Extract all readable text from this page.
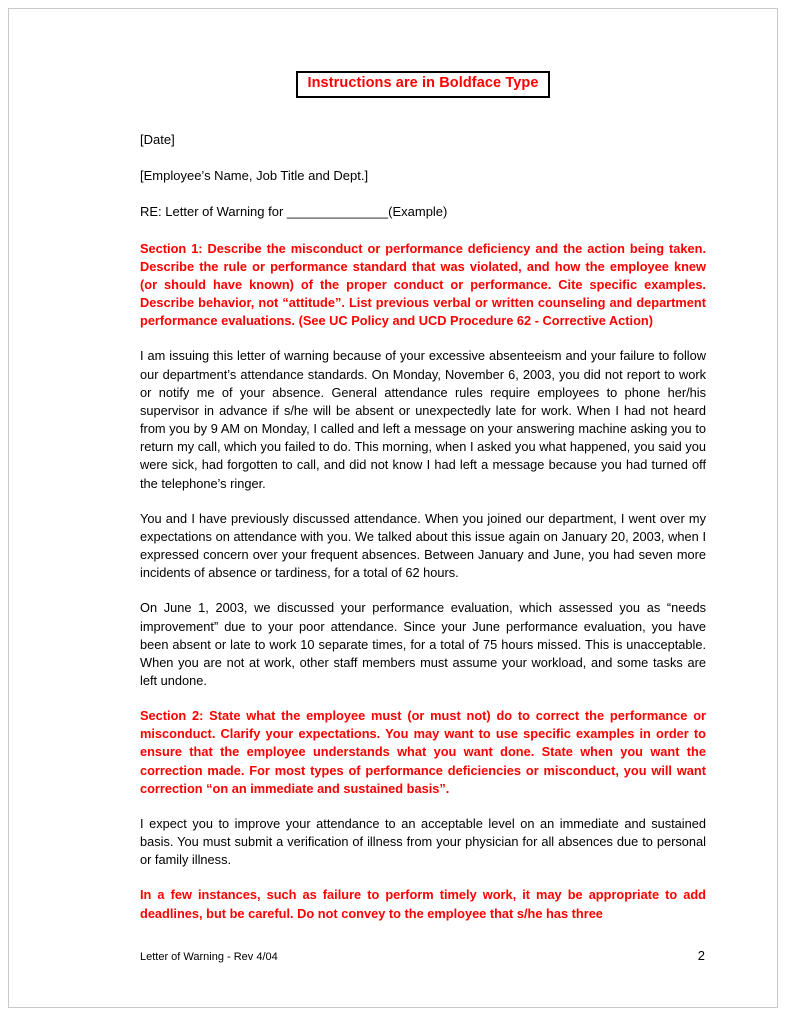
Instructions are in Boldface Type
[Date]
[Employee’s Name, Job Title and Dept.]
RE: Letter of Warning for ______________(Example)

Section 1: Describe the misconduct or performance deficiency and the action being taken. Describe the rule or performance standard that was violated, and how the employee knew (or should have known) of the proper conduct or performance. Cite specific examples. Describe behavior, not “attitude”. List previous verbal or written counseling and department performance evaluations. (See UC Policy and UCD Procedure 62 - Corrective Action)

I am issuing this letter of warning because of your excessive absenteeism and your failure to follow our department’s attendance standards. On Monday, November 6, 2003, you did not report to work or notify me of your absence. General attendance rules require employees to phone her/his supervisor in advance if s/he will be absent or unexpectedly late for work. When I had not heard from you by 9 AM on Monday, I called and left a message on your answering machine asking you to return my call, which you failed to do. This morning, when I asked you what happened, you said you were sick, had forgotten to call, and did not know I had left a message because you had turned off the telephone’s ringer.

You and I have previously discussed attendance. When you joined our department, I went over my expectations on attendance with you. We talked about this issue again on January 20, 2003, when I expressed concern over your frequent absences. Between January and June, you had seven more incidents of absence or tardiness, for a total of 62 hours.

On June 1, 2003, we discussed your performance evaluation, which assessed you as “needs improvement” due to your poor attendance. Since your June performance evaluation, you have been absent or late to work 10 separate times, for a total of 75 hours missed. This is unacceptable. When you are not at work, other staff members must assume your workload, and some tasks are left undone.

Section 2: State what the employee must (or must not) do to correct the performance or misconduct. Clarify your expectations. You may want to use specific examples in order to ensure that the employee understands what you want done. State when you want the correction made. For most types of performance deficiencies or misconduct, you will want correction “on an immediate and sustained basis”.

I expect you to improve your attendance to an acceptable level on an immediate and sustained basis. You must submit a verification of illness from your physician for all absences due to personal or family illness.

In a few instances, such as failure to perform timely work, it may be appropriate to add deadlines, but be careful. Do not convey to the employee that s/he has three

Letter of Warning - Rev 4/04	2
